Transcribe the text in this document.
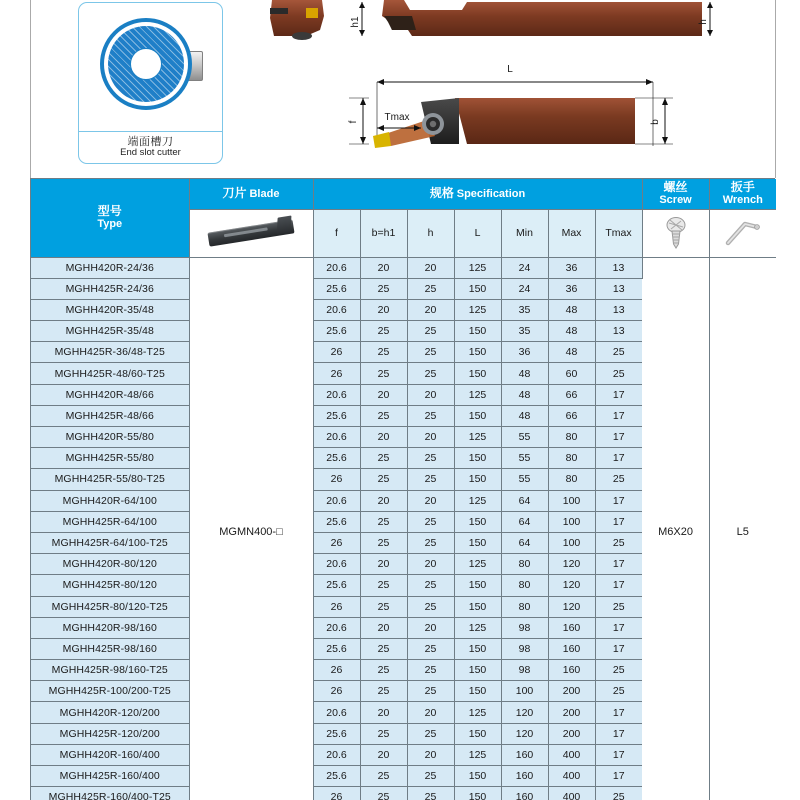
端面槽刀
End slot cutter
h1	h
L
f	Tmax	b
型号
Type	刀片 Blade	规格 Specification							螺丝
Screw	扳手
Wrench

		f	b=h1	h	L	Min	Max	Tmax	

MGHH420R-24/36	MGMN400-□	20.6	20	20	125	24	36	13	M6X20	L5
MGHH425R-24/36		25.6	25	25	150	24	36	13		
MGHH420R-35/48		20.6	20	20	125	35	48	13		
MGHH425R-35/48		25.6	25	25	150	35	48	13		
MGHH425R-36/48-T25		26	25	25	150	36	48	25		
MGHH425R-48/60-T25		26	25	25	150	48	60	25		
MGHH420R-48/66		20.6	20	20	125	48	66	17		
MGHH425R-48/66		25.6	25	25	150	48	66	17		
MGHH420R-55/80		20.6	20	20	125	55	80	17		
MGHH425R-55/80		25.6	25	25	150	55	80	17		
MGHH425R-55/80-T25		26	25	25	150	55	80	25		
MGHH420R-64/100		20.6	20	20	125	64	100	17		
MGHH425R-64/100		25.6	25	25	150	64	100	17		
MGHH425R-64/100-T25		26	25	25	150	64	100	25		
MGHH420R-80/120		20.6	20	20	125	80	120	17		
MGHH425R-80/120		25.6	25	25	150	80	120	17		
MGHH425R-80/120-T25		26	25	25	150	80	120	25		
MGHH420R-98/160		20.6	20	20	125	98	160	17		
MGHH425R-98/160		25.6	25	25	150	98	160	17		
MGHH425R-98/160-T25		26	25	25	150	98	160	25		
MGHH425R-100/200-T25		26	25	25	150	100	200	25		
MGHH420R-120/200		20.6	20	20	125	120	200	17		
MGHH425R-120/200		25.6	25	25	150	120	200	17		
MGHH420R-160/400		20.6	20	20	125	160	400	17		
MGHH425R-160/400		25.6	25	25	150	160	400	17		
MGHH425R-160/400-T25		26	25	25	150	160	400	25		
